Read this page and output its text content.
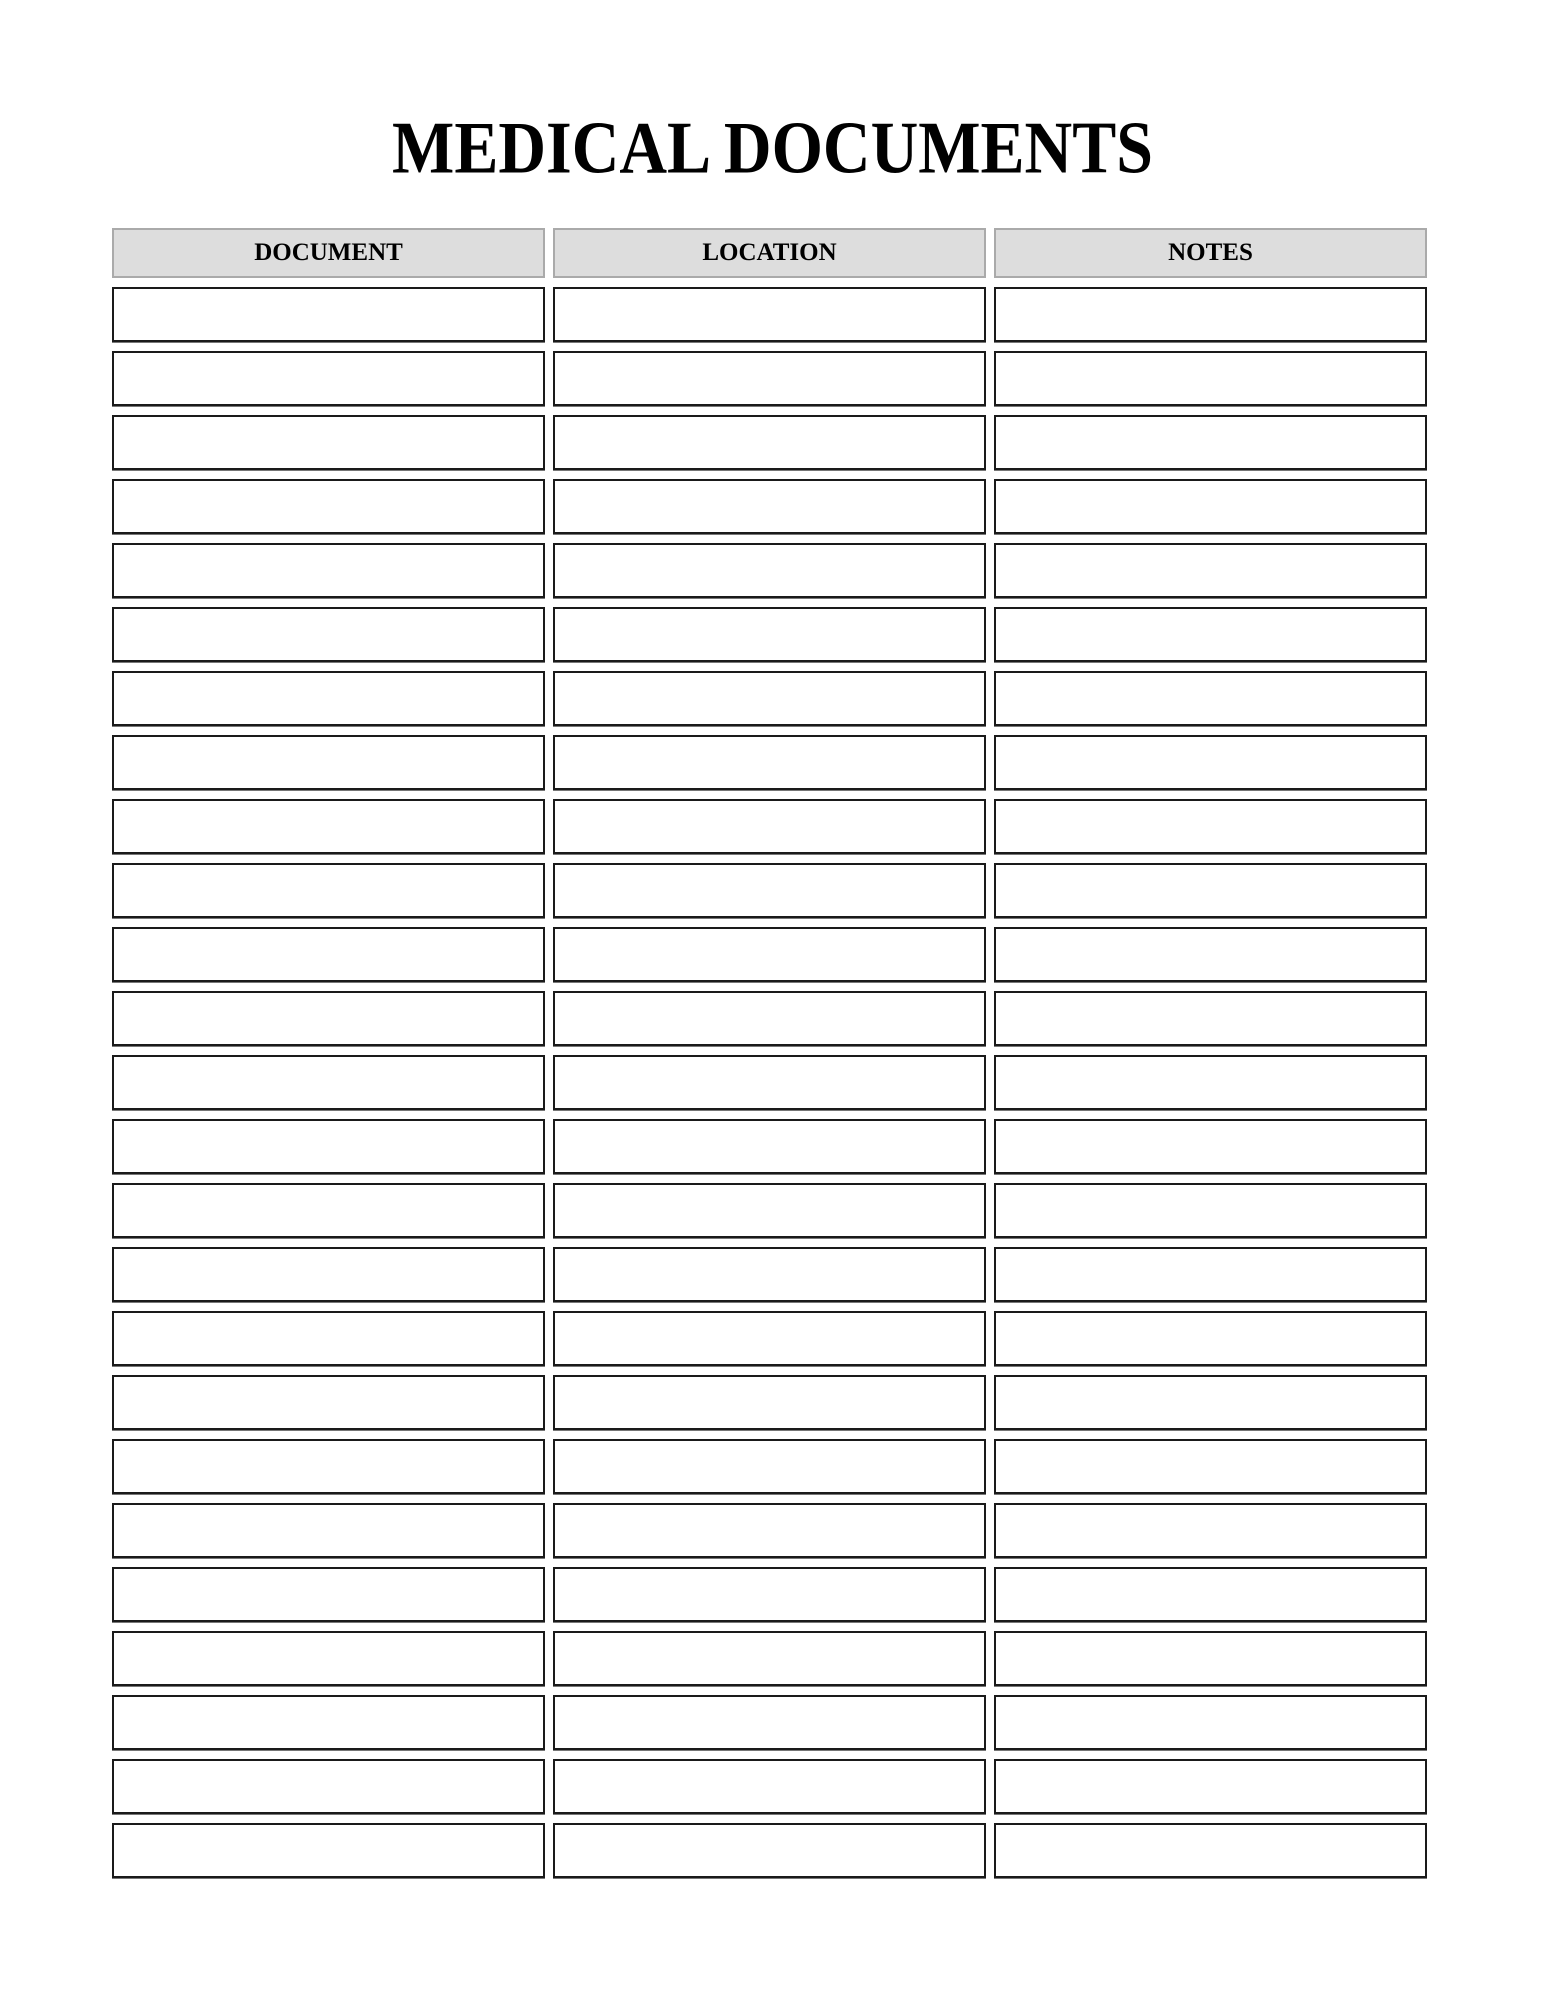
MEDICAL DOCUMENTS
DOCUMENT	LOCATION	NOTES
